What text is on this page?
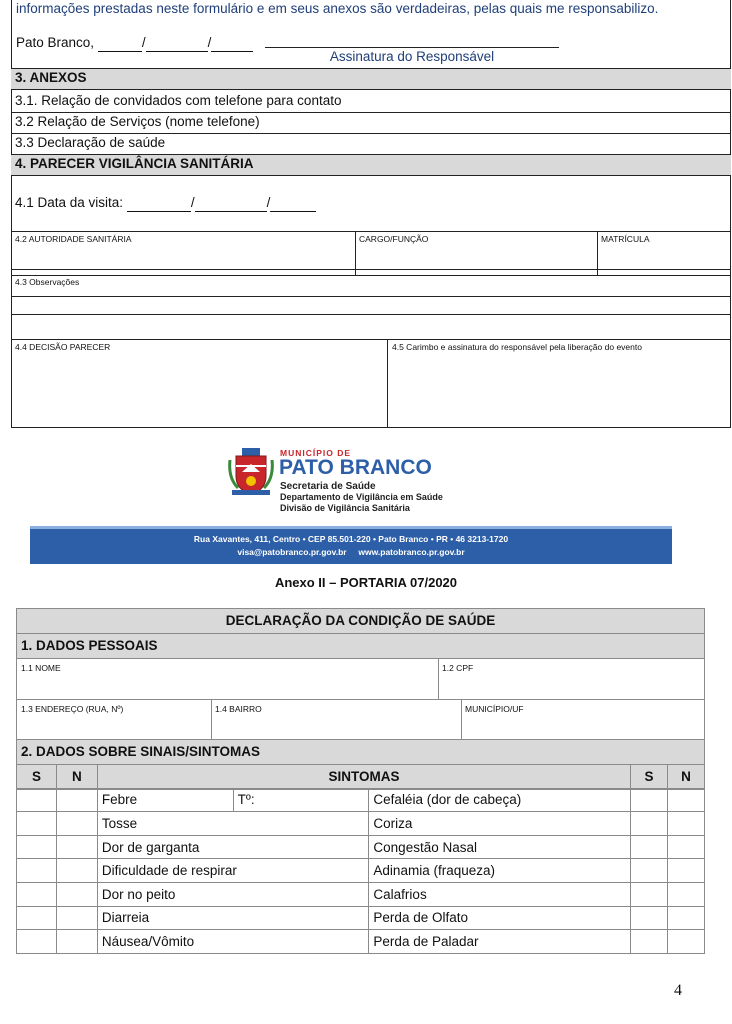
informações prestadas neste formulário e em seus anexos são verdadeiras, pelas quais me responsabilizo.
Pato Branco,	/	/
Assinatura do Responsável
3. ANEXOS
3.1. Relação de convidados com telefone para contato
3.2 Relação de Serviços (nome telefone)
3.3 Declaração de saúde
4. PARECER VIGILÂNCIA SANITÁRIA
4.1 Data da visita:	/	/
4.2 AUTORIDADE SANITÁRIA	CARGO/FUNÇÃO	MATRÍCULA
4.3 Observações
4.4 DECISÃO PARECER	4.5 Carimbo e assinatura do responsável pela liberação do evento
MUNICÍPIO DE
PATO BRANCO
Secretaria de Saúde
Departamento de Vigilância em Saúde
Divisão de Vigilância Sanitária
Rua Xavantes, 411, Centro • CEP 85.501-220 • Pato Branco • PR • 46 3213-1720
visa@patobranco.pr.gov.br     www.patobranco.pr.gov.br
Anexo II – PORTARIA 07/2020
DECLARAÇÃO DA CONDIÇÃO DE SAÚDE
1. DADOS PESSOAIS
1.1 NOME	1.2 CPF
1.3 ENDEREÇO (RUA, Nº)	1.4 BAIRRO	MUNICÍPIO/UF
2. DADOS SOBRE SINAIS/SINTOMAS
S	N	SINTOMAS			S	N
		Febre	Tº:	Cefaléia (dor de cabeça)		
		Tosse		Coriza		
		Dor de garganta		Congestão Nasal		
		Dificuldade de respirar		Adinamia (fraqueza)		
		Dor no peito		Calafrios		
		Diarreia		Perda de Olfato		
		Náusea/Vômito		Perda de Paladar		
4
